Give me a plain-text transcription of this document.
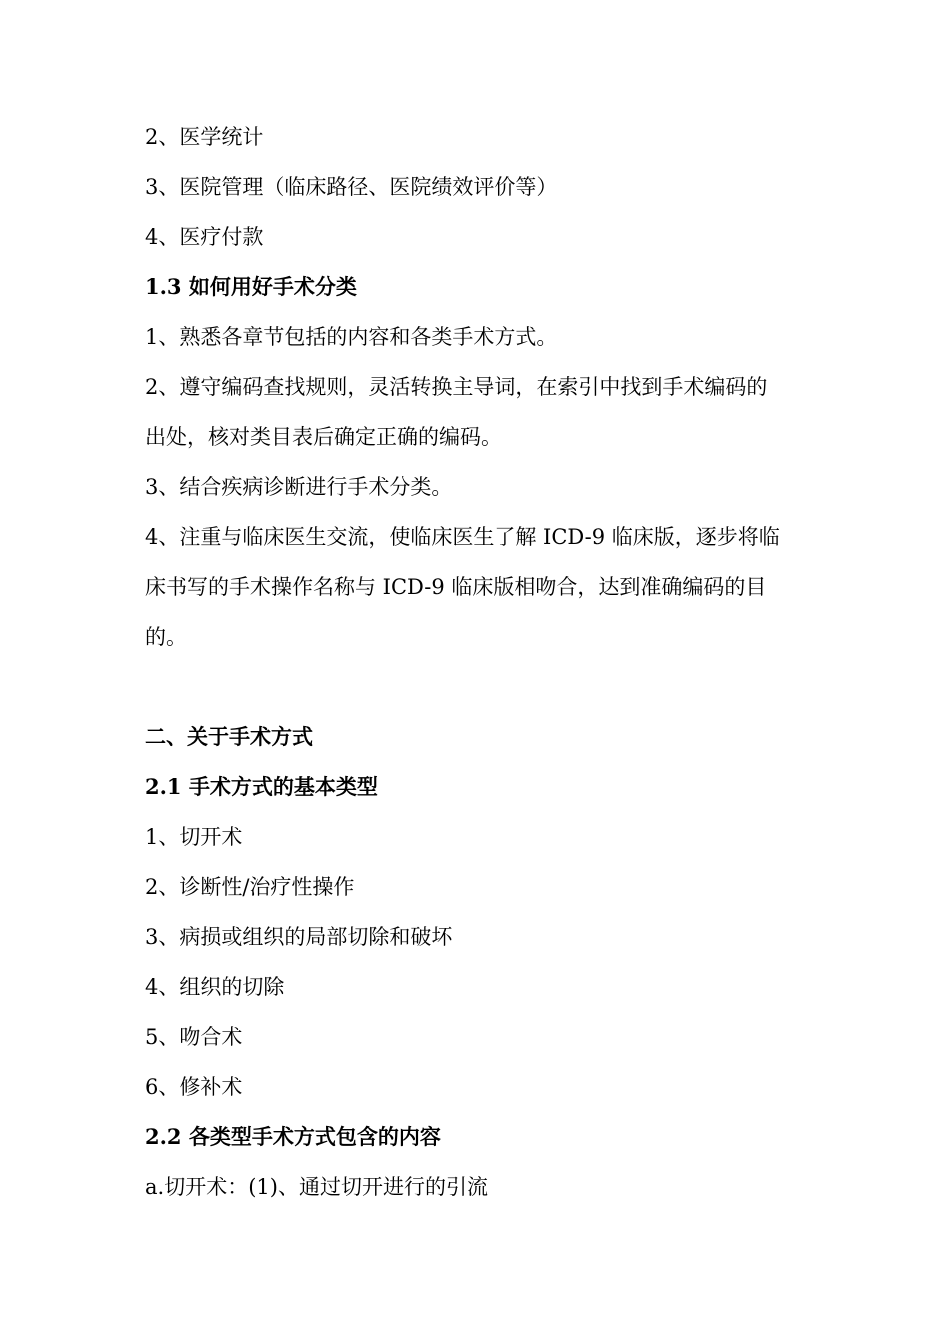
2、医学统计
3、医院管理（临床路径、医院绩效评价等）
4、医疗付款
1.3 如何用好手术分类
1、熟悉各章节包括的内容和各类手术方式。
2、遵守编码查找规则，灵活转换主导词，在索引中找到手术编码的
出处，核对类目表后确定正确的编码。
3、结合疾病诊断进行手术分类。
4、注重与临床医生交流，使临床医生了解 ICD-9 临床版，逐步将临
床书写的手术操作名称与 ICD-9 临床版相吻合，达到准确编码的目
的。
二、关于手术方式
2.1 手术方式的基本类型
1、切开术
2、诊断性/治疗性操作
3、病损或组织的局部切除和破坏
4、组织的切除
5、吻合术
6、修补术
2.2 各类型手术方式包含的内容
a.切开术：(1)、通过切开进行的引流
